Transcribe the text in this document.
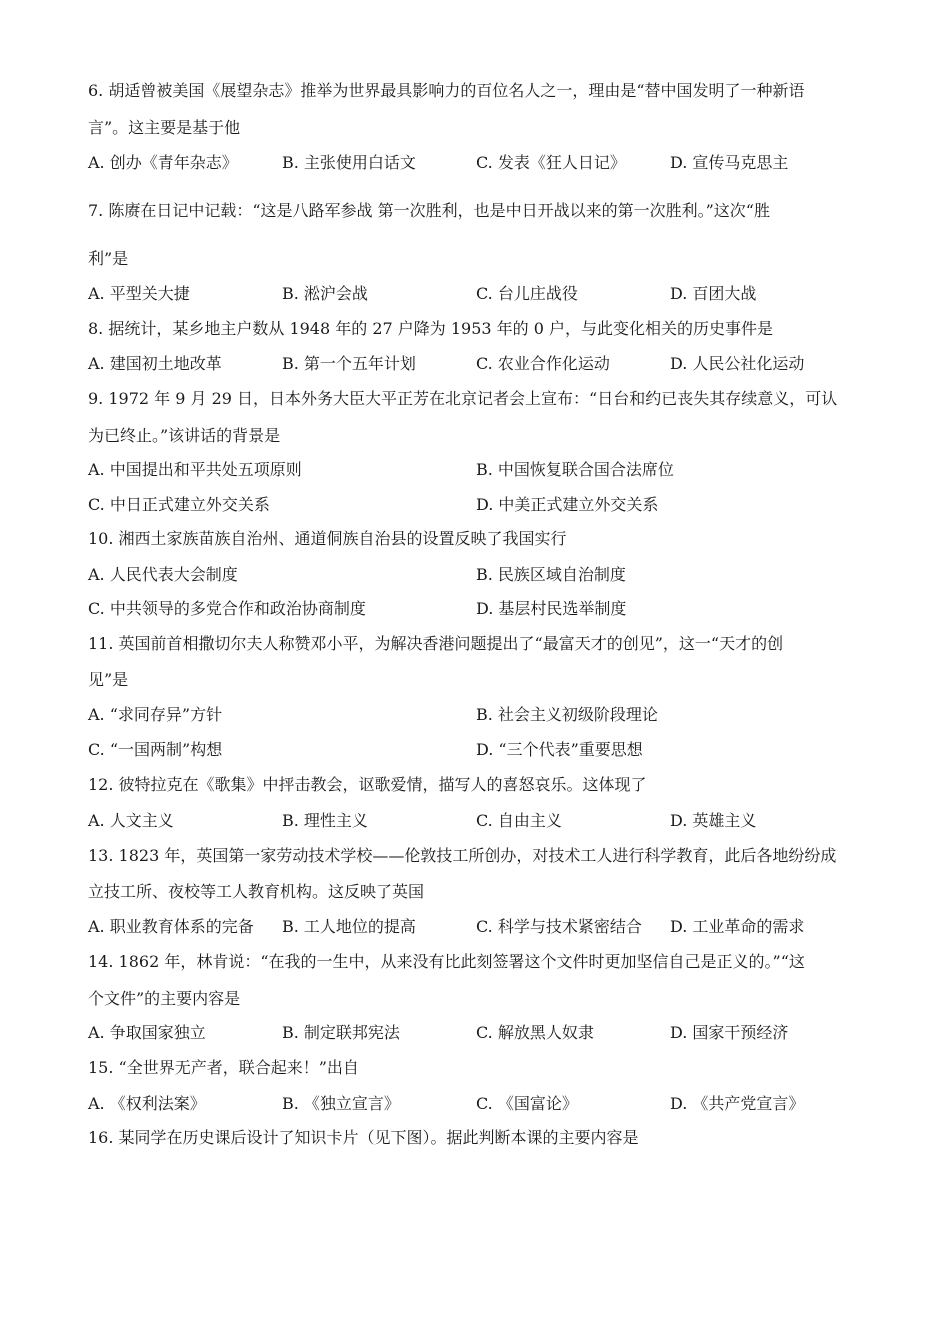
6. 胡适曾被美国《展望杂志》推举为世界最具影响力的百位名人之一，理由是“替中国发明了一种新语
言”。这主要是基于他
A. 创办《青年杂志》	B. 主张使用白话文	C. 发表《狂人日记》	D. 宣传马克思主
7. 陈赓在日记中记载：“这是八路军参战 第一次胜利，也是中日开战以来的第一次胜利。”这次“胜
利”是
A. 平型关大捷	B. 淞沪会战	C. 台儿庄战役	D. 百团大战
8. 据统计，某乡地主户数从 1948 年的 27 户降为 1953 年的 0 户，与此变化相关的历史事件是
A. 建国初土地改革	B. 第一个五年计划	C. 农业合作化运动	D. 人民公社化运动
9. 1972 年 9 月 29 日，日本外务大臣大平正芳在北京记者会上宣布：“日台和约已丧失其存续意义，可认
为已终止。”该讲话的背景是
A. 中国提出和平共处五项原则	B. 中国恢复联合国合法席位
C. 中日正式建立外交关系	D. 中美正式建立外交关系
10. 湘西土家族苗族自治州、通道侗族自治县的设置反映了我国实行
A. 人民代表大会制度	B. 民族区域自治制度
C. 中共领导的多党合作和政治协商制度	D. 基层村民选举制度
11. 英国前首相撒切尔夫人称赞邓小平，为解决香港问题提出了“最富天才的创见”，这一“天才的创
见”是
A. “求同存异”方针	B. 社会主义初级阶段理论
C. “一国两制”构想	D. “三个代表”重要思想
12. 彼特拉克在《歌集》中抨击教会，讴歌爱情，描写人的喜怒哀乐。这体现了
A. 人文主义	B. 理性主义	C. 自由主义	D. 英雄主义
13. 1823 年，英国第一家劳动技术学校——伦敦技工所创办，对技术工人进行科学教育，此后各地纷纷成
立技工所、夜校等工人教育机构。这反映了英国
A. 职业教育体系的完备 B. 工人地位的提高	C. 科学与技术紧密结合 D. 工业革命的需求
14. 1862 年，林肯说：“在我的一生中，从来没有比此刻签署这个文件时更加坚信自己是正义的。”“这
个文件”的主要内容是
A. 争取国家独立	B. 制定联邦宪法	C. 解放黑人奴隶	D. 国家干预经济
15. “全世界无产者，联合起来！”出自
A. 《权利法案》	B. 《独立宣言》	C. 《国富论》	D. 《共产党宣言》
16. 某同学在历史课后设计了知识卡片（见下图）。据此判断本课的主要内容是
